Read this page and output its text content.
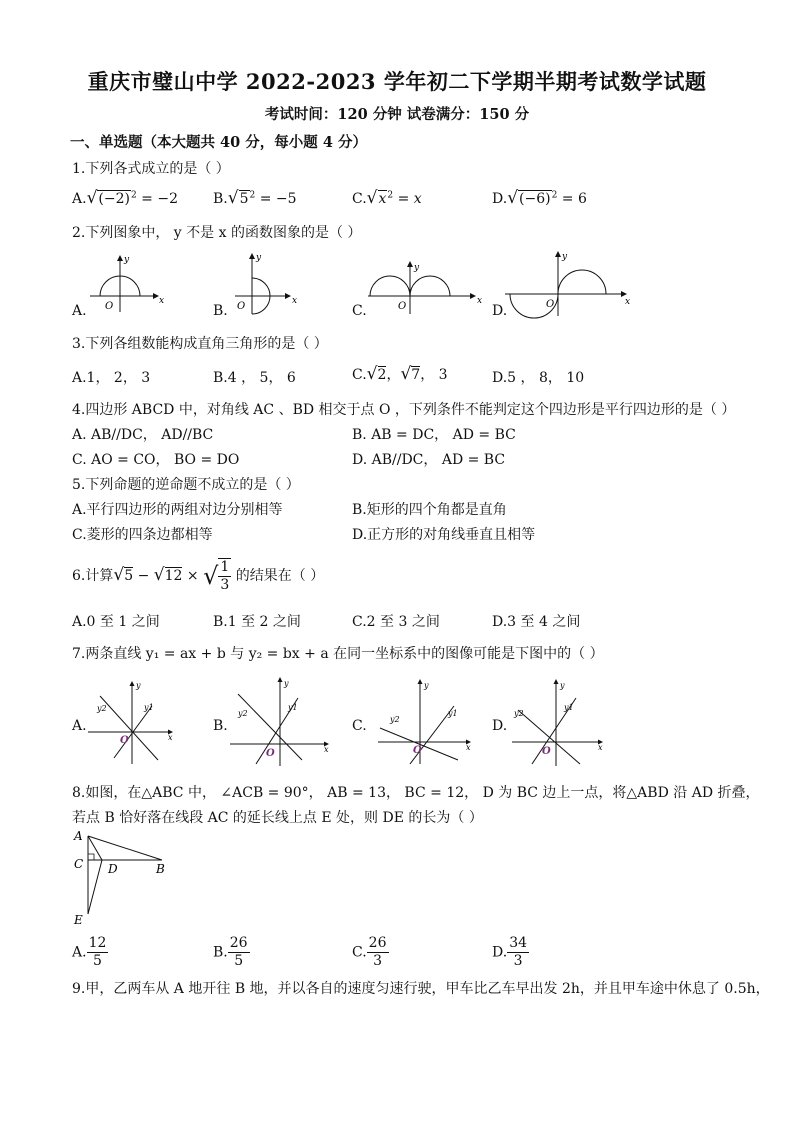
重庆市璧山中学 2022-2023 学年初二下学期半期考试数学试题
考试时间：120 分钟 试卷满分：150 分
一、单选题（本大题共 40 分，每小题 4 分）
1.下列各式成立的是（ ）
$A.√(-2)^2 = -2$	$B.√5^2 = -5$	$C.√x^2 = x$	$D.√(-6)^2 = 6$
2.下列图象中， y 不是 x 的函数图象的是（ ）
O
y
x	O
y
x	O
y
x	O
y
x
A.	B.	C.	D.
3.下列各组数能构成直角三角形的是（ ）
A.1， 2， 3	B.4 ， 5， 6	C.√2，√7， 3	D.5 ， 8， 10
4.四边形 ABCD 中，对角线 AC 、BD 相交于点 O ，下列条件不能判定这个四边形是平行四边形的是（ ）
A. AB//DC， AD//BC	B. AB = DC， AD = BC
C. AO = CO， BO = DO	D. AB//DC， AD = BC
5.下列命题的逆命题不成立的是（ ）
A.平行四边形的两组对边分别相等	B.矩形的四个角都是直角
C.菱形的四条边都相等	D.正方形的对角线垂直且相等
6.计算√5 − √12 × √ $\frac{1}{3}$ 的结果在（ ）
A.0 至 1 之间	B.1 至 2 之间	C.2 至 3 之间	D.3 至 4 之间
7.两条直线 y₁ = ax + b 与 y₂ = bx + a 在同一坐标系中的图像可能是下图中的（ ）
y2	y1
O
y
x
y2
y1
O
y
x
y2
y1
O
y
x
y2
y1
O
y
x
A.	B.	C.	D.
8.如图，在△ABC 中， ∠ACB = 90°， AB = 13， BC = 12， D 为 BC 边上一点，将△ABD 沿 AD 折叠，
若点 B 恰好落在线段 AC 的延长线上点 E 处，则 DE 的长为（ ）
A
C D	B
E
A. $\frac{12}{5}$	B. $\frac{26}{5}$	C. $\frac{26}{3}$	D. $\frac{34}{3}$
9.甲，乙两车从 A 地开往 B 地，并以各自的速度匀速行驶，甲车比乙车早出发 2h，并且甲车途中休息了 0.5h，
